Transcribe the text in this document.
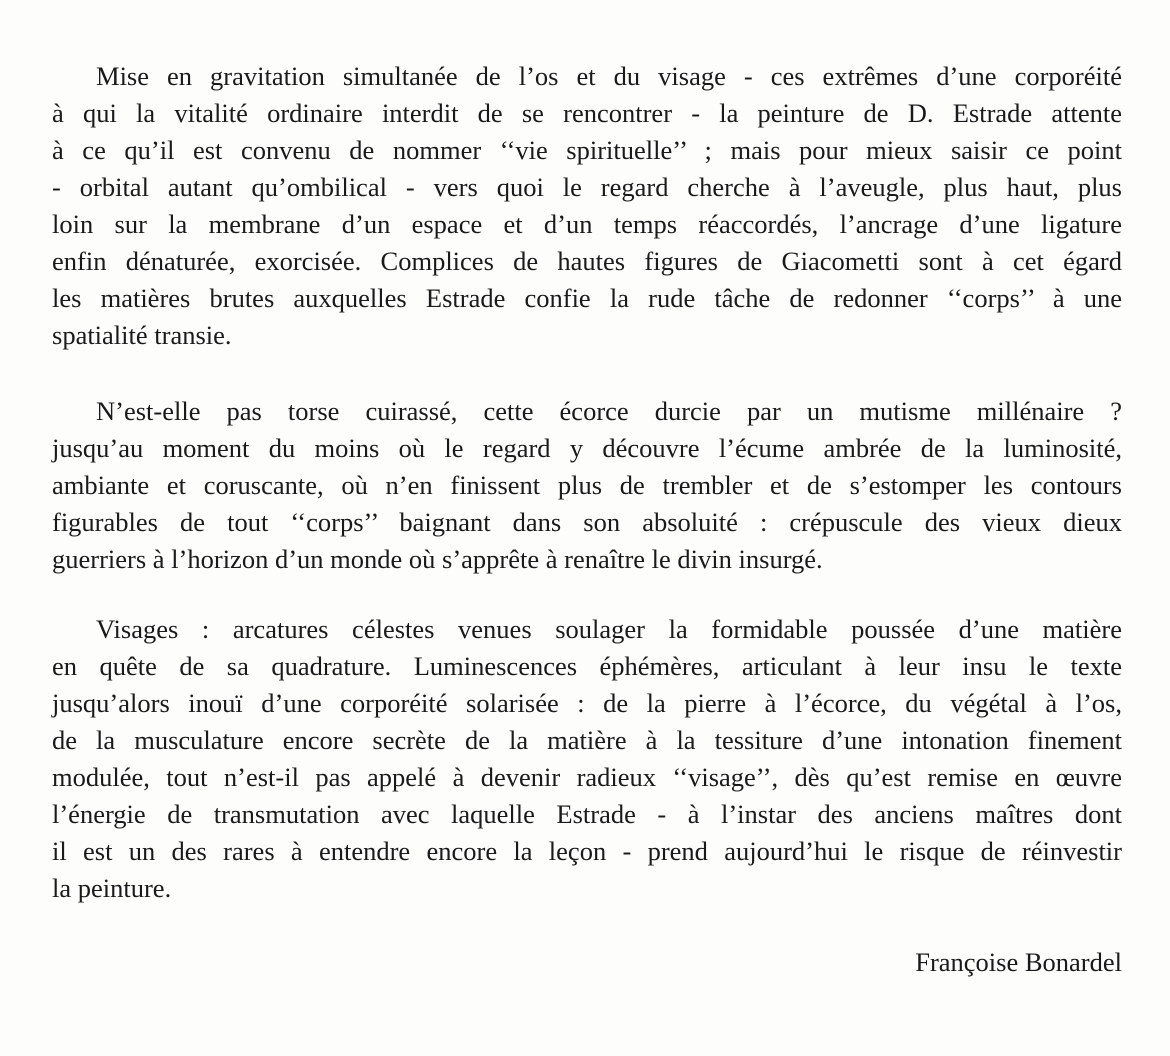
Mise en gravitation simultanée de l’os et du visage - ces extrêmes d’une corporéité
à qui la vitalité ordinaire interdit de se rencontrer - la peinture de D. Estrade attente
à ce qu’il est convenu de nommer ‘‘vie spirituelle’’ ; mais pour mieux saisir ce point
- orbital autant qu’ombilical - vers quoi le regard cherche à l’aveugle, plus haut, plus
loin sur la membrane d’un espace et d’un temps réaccordés, l’ancrage d’une ligature
enfin dénaturée, exorcisée. Complices de hautes figures de Giacometti sont à cet égard
les matières brutes auxquelles Estrade confie la rude tâche de redonner ‘‘corps’’ à une
spatialité transie.
N’est-elle pas torse cuirassé, cette écorce durcie par un mutisme millénaire ?
jusqu’au moment du moins où le regard y découvre l’écume ambrée de la luminosité,
ambiante et coruscante, où n’en finissent plus de trembler et de s’estomper les contours
figurables de tout ‘‘corps’’ baignant dans son absoluité : crépuscule des vieux dieux
guerriers à l’horizon d’un monde où s’apprête à renaître le divin insurgé.
Visages : arcatures célestes venues soulager la formidable poussée d’une matière
en quête de sa quadrature. Luminescences éphémères, articulant à leur insu le texte
jusqu’alors inouï d’une corporéité solarisée : de la pierre à l’écorce, du végétal à l’os,
de la musculature encore secrète de la matière à la tessiture d’une intonation finement
modulée, tout n’est-il pas appelé à devenir radieux ‘‘visage’’, dès qu’est remise en œuvre
l’énergie de transmutation avec laquelle Estrade - à l’instar des anciens maîtres dont
il est un des rares à entendre encore la leçon - prend aujourd’hui le risque de réinvestir
la peinture.
Françoise Bonardel
